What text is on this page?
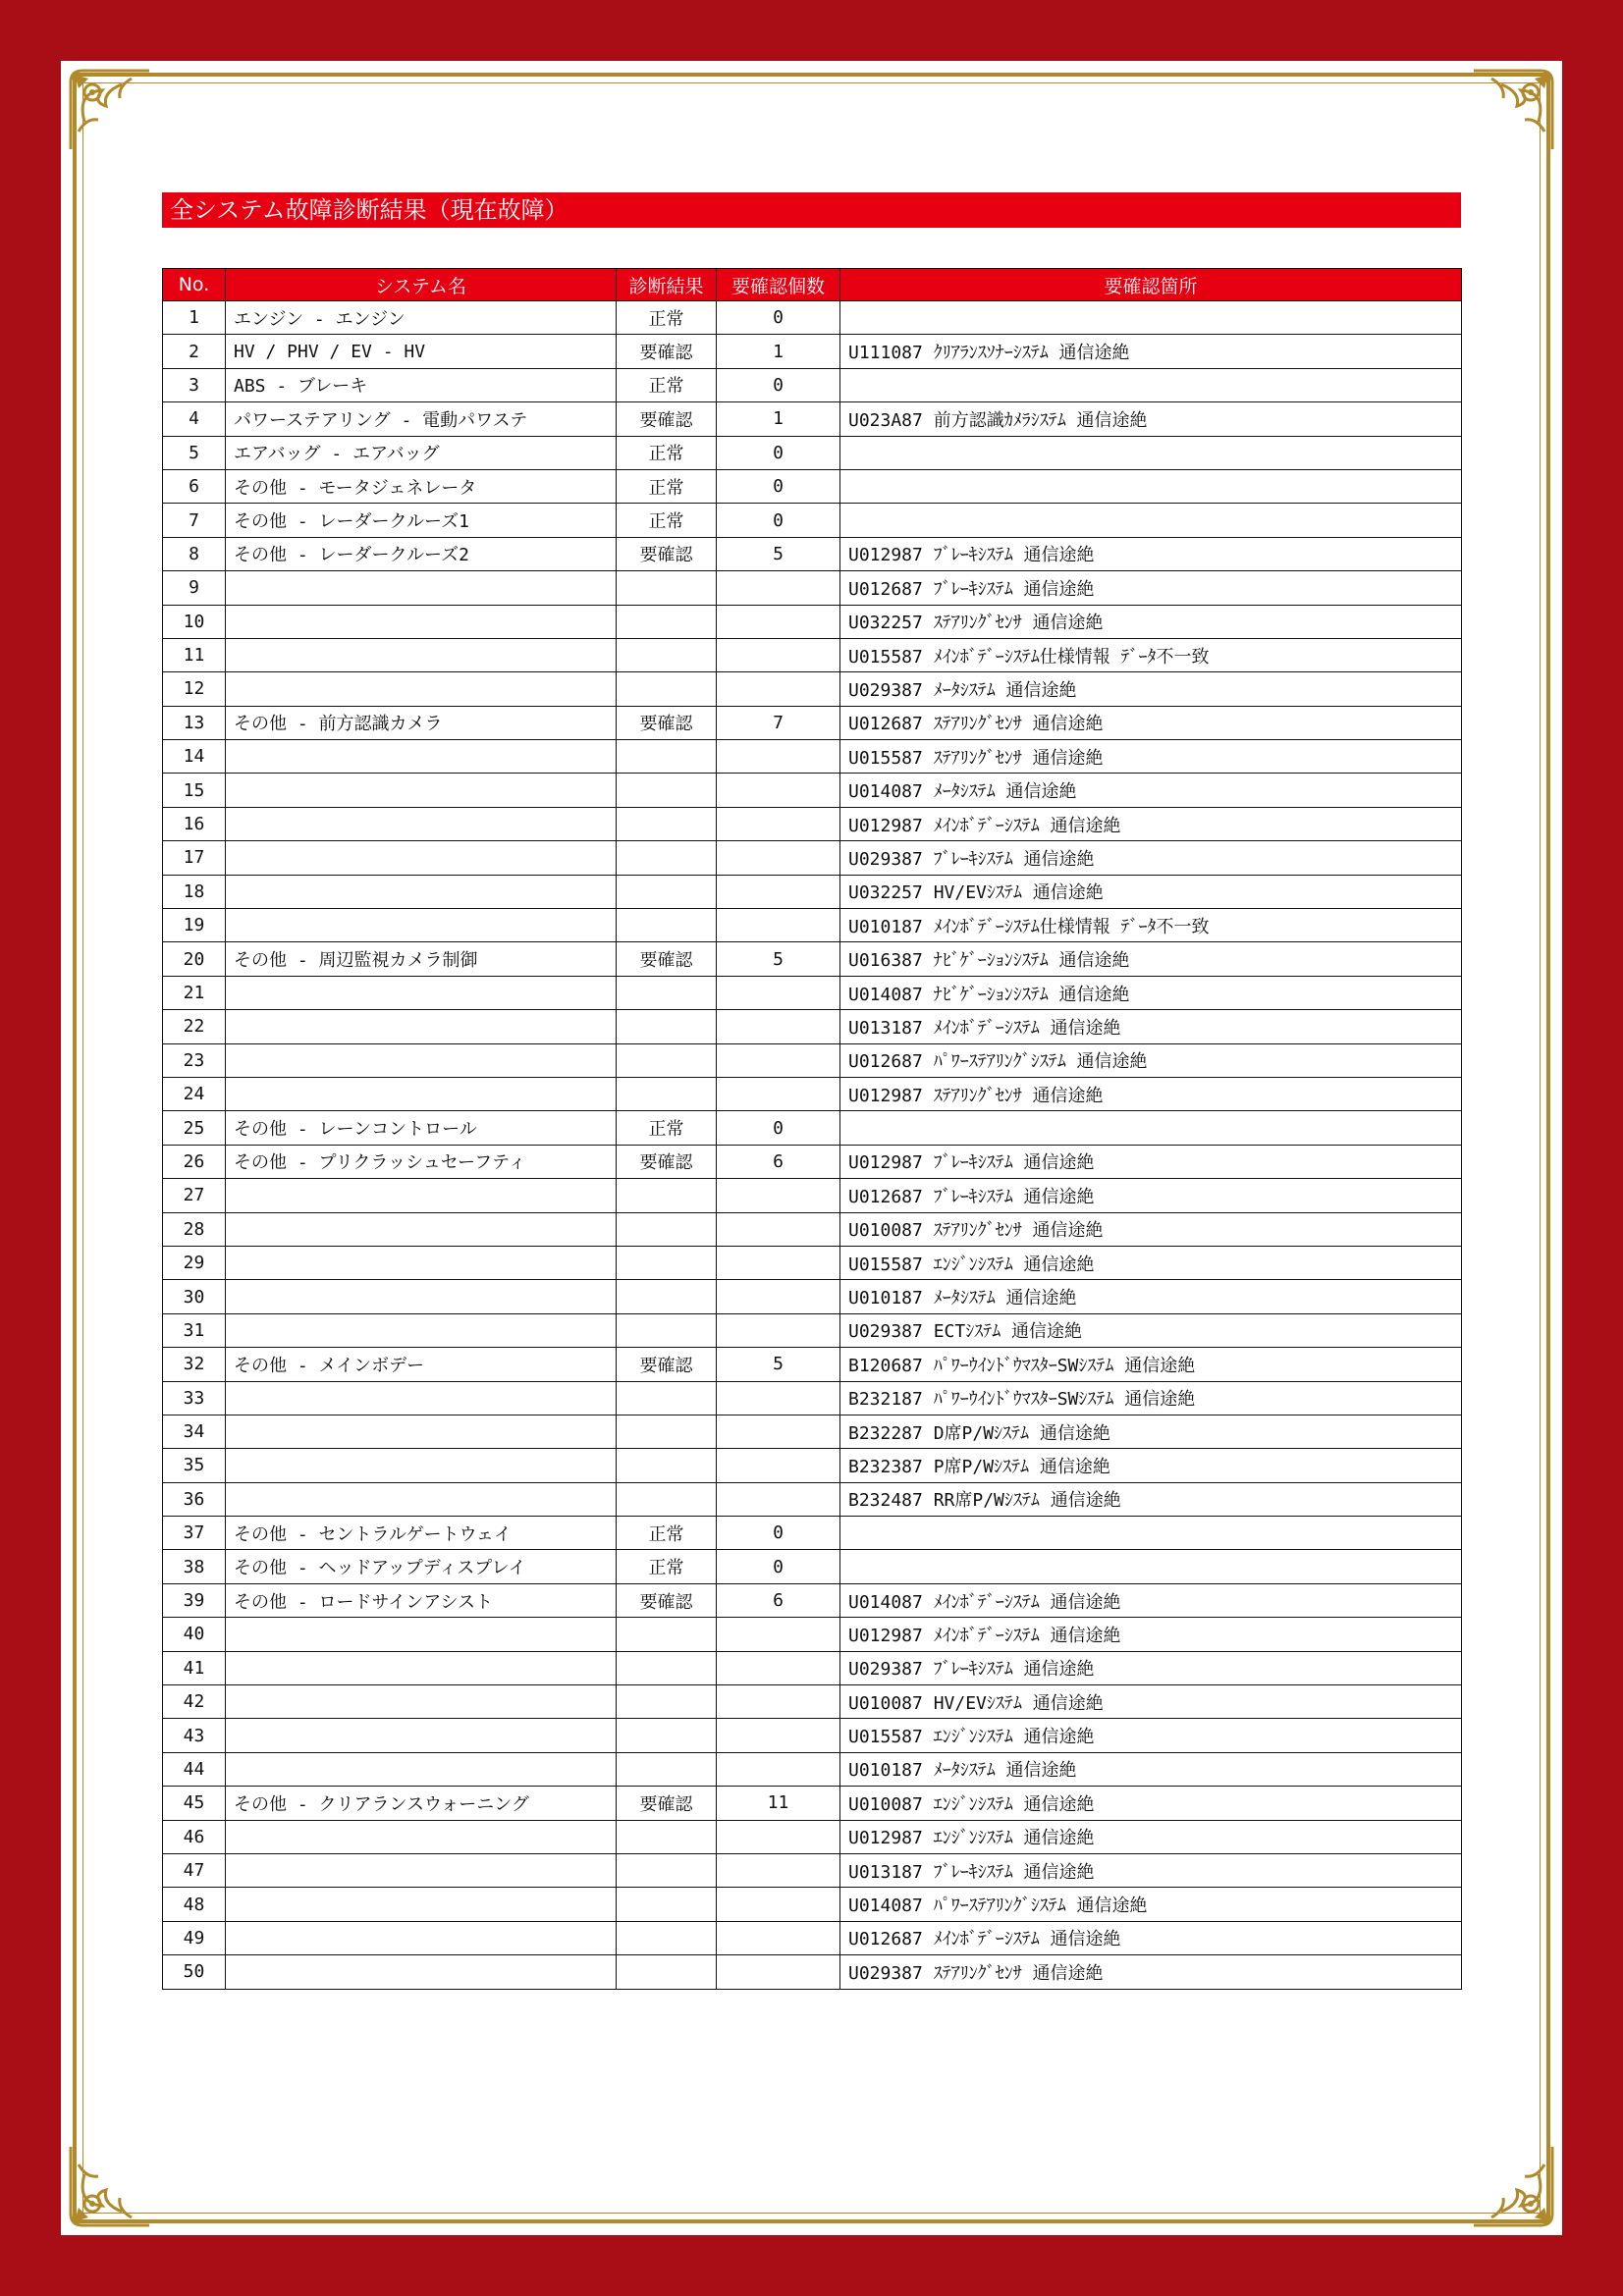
全システム故障診断結果（現在故障）
No.	システム名	診断結果	要確認個数	要確認箇所
1	エンジン - エンジン	正常	0	
2	HV / PHV / EV - HV	要確認	1	U111087 ｸﾘｱﾗﾝｽｿﾅｰｼｽﾃﾑ 通信途絶
3	ABS - ブレーキ	正常	0	
4	パワーステアリング - 電動パワステ	要確認	1	U023A87 前方認識ｶﾒﾗｼｽﾃﾑ 通信途絶
5	エアバッグ - エアバッグ	正常	0	
6	その他 - モータジェネレータ	正常	0	
7	その他 - レーダークルーズ1	正常	0	
8	その他 - レーダークルーズ2	要確認	5	U012987 ﾌﾞﾚｰｷｼｽﾃﾑ 通信途絶
9				U012687 ﾌﾞﾚｰｷｼｽﾃﾑ 通信途絶
10				U032257 ｽﾃｱﾘﾝｸﾞｾﾝｻ 通信途絶
11				U015587 ﾒｲﾝﾎﾞﾃﾞｰｼｽﾃﾑ仕様情報 ﾃﾞｰﾀ不一致
12				U029387 ﾒｰﾀｼｽﾃﾑ 通信途絶
13	その他 - 前方認識カメラ	要確認	7	U012687 ｽﾃｱﾘﾝｸﾞｾﾝｻ 通信途絶
14				U015587 ｽﾃｱﾘﾝｸﾞｾﾝｻ 通信途絶
15				U014087 ﾒｰﾀｼｽﾃﾑ 通信途絶
16				U012987 ﾒｲﾝﾎﾞﾃﾞｰｼｽﾃﾑ 通信途絶
17				U029387 ﾌﾞﾚｰｷｼｽﾃﾑ 通信途絶
18				U032257 HV/EVｼｽﾃﾑ 通信途絶
19				U010187 ﾒｲﾝﾎﾞﾃﾞｰｼｽﾃﾑ仕様情報 ﾃﾞｰﾀ不一致
20	その他 - 周辺監視カメラ制御	要確認	5	U016387 ﾅﾋﾞｹﾞｰｼｮﾝｼｽﾃﾑ 通信途絶
21				U014087 ﾅﾋﾞｹﾞｰｼｮﾝｼｽﾃﾑ 通信途絶
22				U013187 ﾒｲﾝﾎﾞﾃﾞｰｼｽﾃﾑ 通信途絶
23				U012687 ﾊﾟﾜｰｽﾃｱﾘﾝｸﾞｼｽﾃﾑ 通信途絶
24				U012987 ｽﾃｱﾘﾝｸﾞｾﾝｻ 通信途絶
25	その他 - レーンコントロール	正常	0	
26	その他 - プリクラッシュセーフティ	要確認	6	U012987 ﾌﾞﾚｰｷｼｽﾃﾑ 通信途絶
27				U012687 ﾌﾞﾚｰｷｼｽﾃﾑ 通信途絶
28				U010087 ｽﾃｱﾘﾝｸﾞｾﾝｻ 通信途絶
29				U015587 ｴﾝｼﾞﾝｼｽﾃﾑ 通信途絶
30				U010187 ﾒｰﾀｼｽﾃﾑ 通信途絶
31				U029387 ECTｼｽﾃﾑ 通信途絶
32	その他 - メインボデー	要確認	5	B120687 ﾊﾟﾜｰｳｲﾝﾄﾞｳﾏｽﾀｰSWｼｽﾃﾑ 通信途絶
33				B232187 ﾊﾟﾜｰｳｲﾝﾄﾞｳﾏｽﾀｰSWｼｽﾃﾑ 通信途絶
34				B232287 D席P/Wｼｽﾃﾑ 通信途絶
35				B232387 P席P/Wｼｽﾃﾑ 通信途絶
36				B232487 RR席P/Wｼｽﾃﾑ 通信途絶
37	その他 - セントラルゲートウェイ	正常	0	
38	その他 - ヘッドアップディスプレイ	正常	0	
39	その他 - ロードサインアシスト	要確認	6	U014087 ﾒｲﾝﾎﾞﾃﾞｰｼｽﾃﾑ 通信途絶
40				U012987 ﾒｲﾝﾎﾞﾃﾞｰｼｽﾃﾑ 通信途絶
41				U029387 ﾌﾞﾚｰｷｼｽﾃﾑ 通信途絶
42				U010087 HV/EVｼｽﾃﾑ 通信途絶
43				U015587 ｴﾝｼﾞﾝｼｽﾃﾑ 通信途絶
44				U010187 ﾒｰﾀｼｽﾃﾑ 通信途絶
45	その他 - クリアランスウォーニング	要確認	11	U010087 ｴﾝｼﾞﾝｼｽﾃﾑ 通信途絶
46				U012987 ｴﾝｼﾞﾝｼｽﾃﾑ 通信途絶
47				U013187 ﾌﾞﾚｰｷｼｽﾃﾑ 通信途絶
48				U014087 ﾊﾟﾜｰｽﾃｱﾘﾝｸﾞｼｽﾃﾑ 通信途絶
49				U012687 ﾒｲﾝﾎﾞﾃﾞｰｼｽﾃﾑ 通信途絶
50				U029387 ｽﾃｱﾘﾝｸﾞｾﾝｻ 通信途絶
